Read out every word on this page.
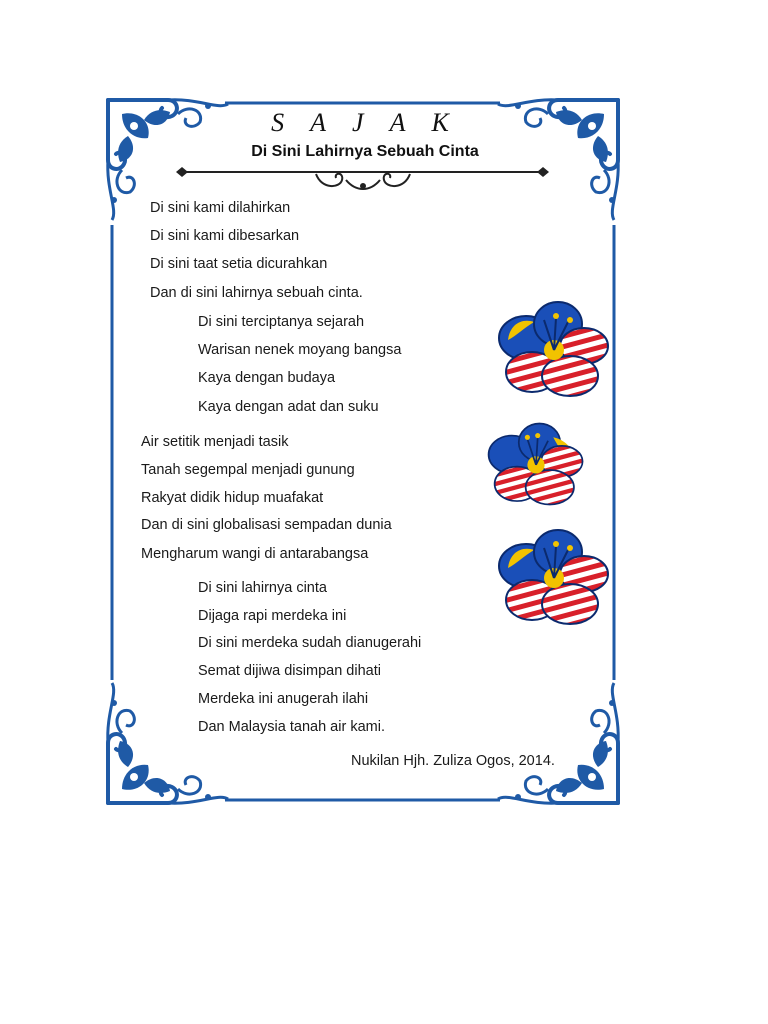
S A J A K
Di Sini Lahirnya Sebuah Cinta
Di sini kami dilahirkan
Di sini kami dibesarkan
Di sini taat setia dicurahkan
Dan di sini lahirnya sebuah cinta.
Di sini terciptanya sejarah
Warisan nenek moyang bangsa
Kaya dengan budaya
Kaya dengan adat dan suku
Air setitik menjadi tasik
Tanah segempal menjadi gunung
Rakyat didik hidup muafakat
Dan di sini globalisasi sempadan dunia
Mengharum wangi di antarabangsa
Di sini lahirnya cinta
Dijaga rapi merdeka ini
Di sini merdeka sudah dianugerahi
Semat dijiwa disimpan dihati
Merdeka ini anugerah ilahi
Dan Malaysia tanah air kami.
Nukilan Hjh. Zuliza Ogos, 2014.
